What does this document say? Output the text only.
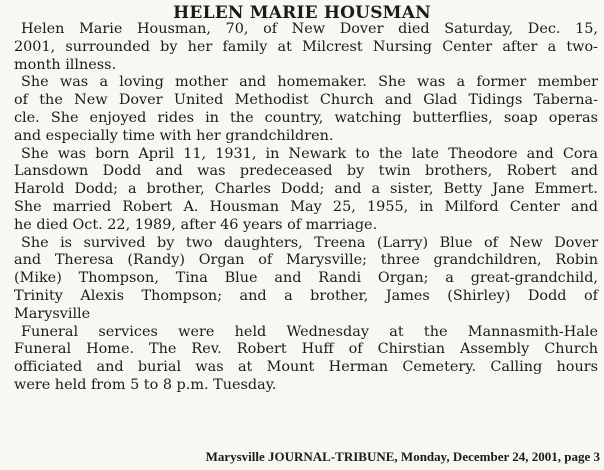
HELEN MARIE HOUSMAN
Helen Marie Housman, 70, of New Dover died Saturday, Dec. 15,
2001, surrounded by her family at Milcrest Nursing Center after a two-
month illness.
She was a loving mother and homemaker. She was a former member
of the New Dover United Methodist Church and Glad Tidings Taberna-
cle. She enjoyed rides in the country, watching butterflies, soap operas
and especially time with her grandchildren.
She was born April 11, 1931, in Newark to the late Theodore and Cora
Lansdown Dodd and was predeceased by twin brothers, Robert and
Harold Dodd; a brother, Charles Dodd; and a sister, Betty Jane Emmert.
She married Robert A. Housman May 25, 1955, in Milford Center and
he died Oct. 22, 1989, after 46 years of marriage.
She is survived by two daughters, Treena (Larry) Blue of New Dover
and Theresa (Randy) Organ of Marysville; three grandchildren, Robin
(Mike) Thompson, Tina Blue and Randi Organ; a great-grandchild,
Trinity Alexis Thompson; and a brother, James (Shirley) Dodd of
Marysville
Funeral services were held Wednesday at the Mannasmith-Hale
Funeral Home. The Rev. Robert Huff of Chirstian Assembly Church
officiated and burial was at Mount Herman Cemetery. Calling hours
were held from 5 to 8 p.m. Tuesday.
Marysville JOURNAL-TRIBUNE, Monday, December 24, 2001, page 3
